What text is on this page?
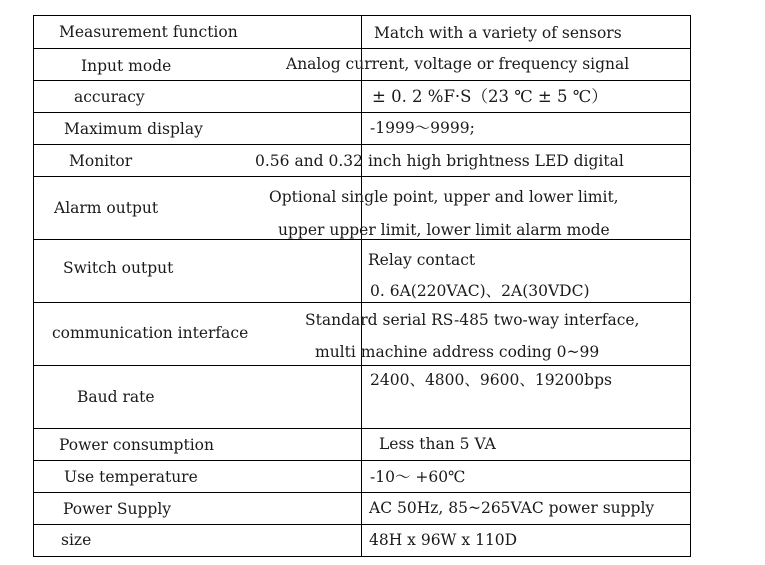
Measurement function	Match with a variety of sensors

Input mode	Analog current, voltage or frequency signal

accuracy	± 0. 2 %F·S（23 ℃ ± 5 ℃）

Maximum display	-1999～9999;

Monitor	0.56 and 0.32 inch high brightness LED digital

Alarm output	Optional single point, upper and lower limit,
upper upper limit, lower limit alarm mode

Switch output	Relay contact
0. 6A(220VAC)、2A(30VDC)

communication interface	Standard serial RS-485 two-way interface,
multi machine address coding 0~99

Baud rate	2400、4800、9600、19200bps

Power consumption	Less than 5 VA

Use temperature	-10～ +60℃

Power Supply	AC 50Hz, 85~265VAC power supply

size	48H x 96W x 110D
